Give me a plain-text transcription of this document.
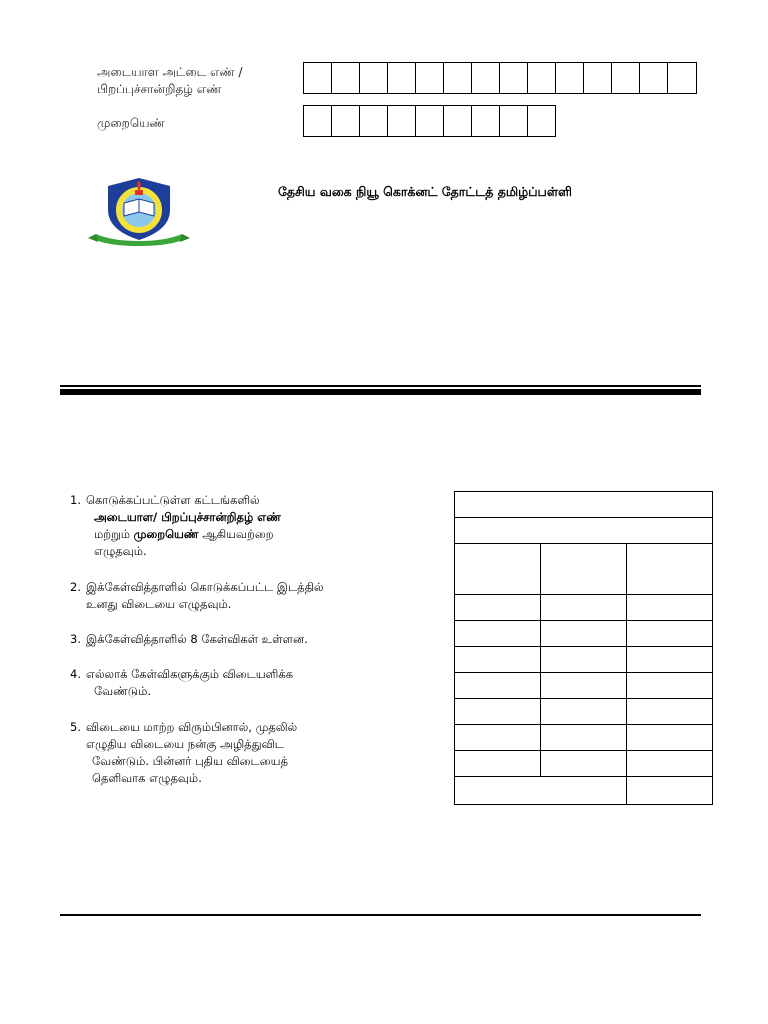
அடையாள அட்டை எண் /
பிறப்புச்சான்றிதழ் எண்
முறையெண்
தேசிய வகை நியூ கொக்னட் தோட்டத் தமிழ்ப்பள்ளி
1. கொடுக்கப்பட்டுள்ள கட்டங்களில்
அடையாள/ பிறப்புச்சான்றிதழ் எண்
மற்றும் முறையெண் ஆகியவற்றை
எழுதவும்.
2. இக்கேள்வித்தாளில் கொடுக்கப்பட்ட இடத்தில்
உனது விடையை எழுதவும்.
3. இக்கேள்வித்தாளில் 8 கேள்விகள் உள்ளன.
4. எல்லாக் கேள்விகளுக்கும் விடையளிக்க
வேண்டும்.
5. விடையை மாற்ற விரும்பினால், முதலில்
எழுதிய விடையை நன்கு அழித்துவிட
வேண்டும். பின்னர் புதிய விடையைத்
தெளிவாக எழுதவும்.
